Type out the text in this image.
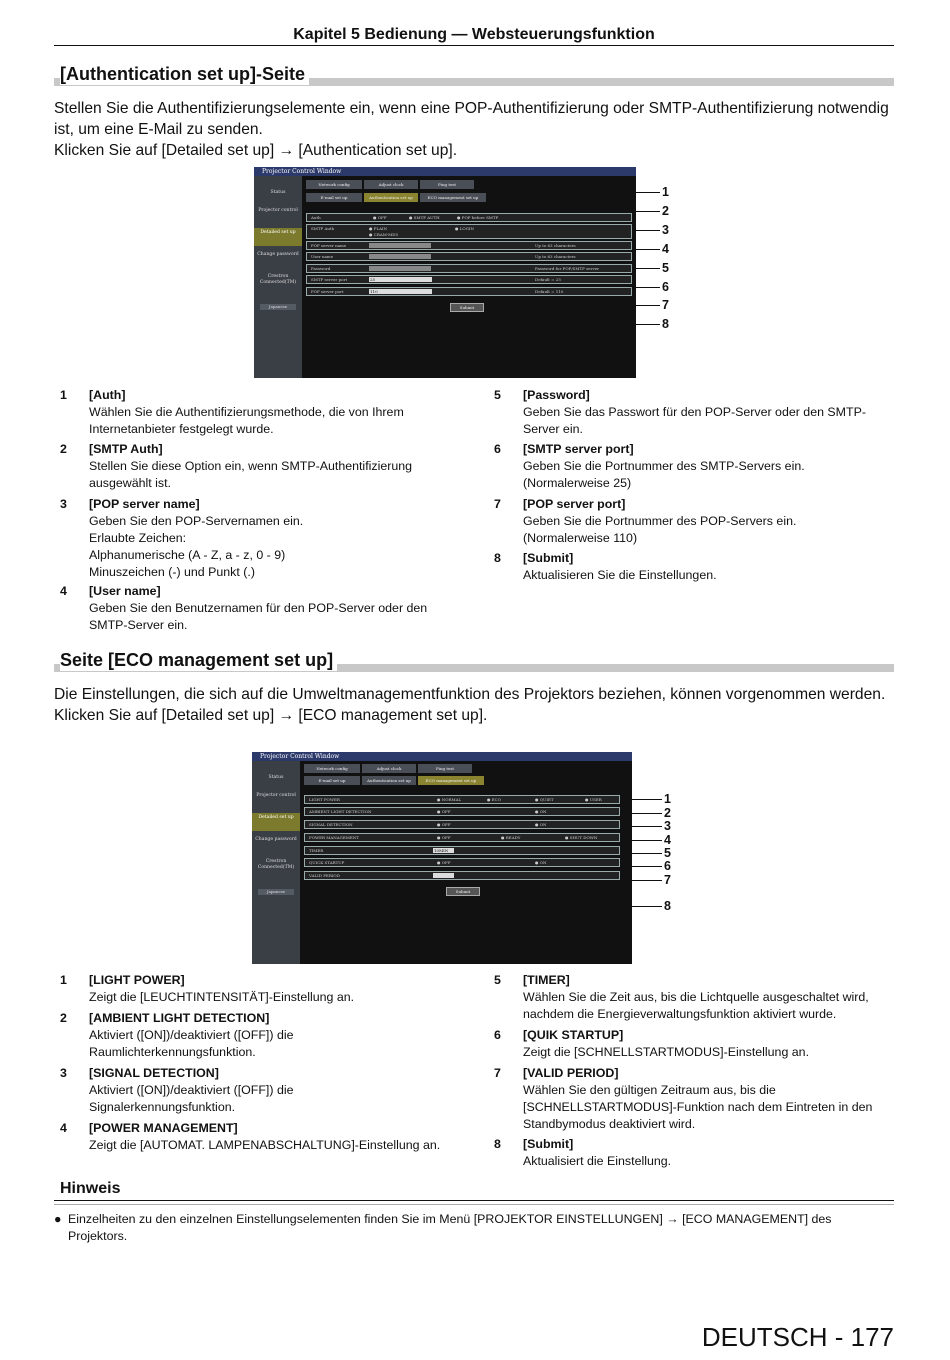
Kapitel 5 Bedienung — Websteuerungsfunktion
[Authentication set up]-Seite

Stellen Sie die Authentifizierungselemente ein, wenn eine POP-Authentifizierung oder SMTP-Authentifizierung notwendig ist, um eine E-Mail zu senden.

Klicken Sie auf [Detailed set up] → [Authentication set up].

Projector Control Window
Status
Projector control
Detailed set up
Change password
Crestron Connected(TM)
Japanese
Network config	Adjust clock	Ping test
E-mail set up	Authentication set up	ECO management set up
Auth	● OFF	● SMTP AUTH	● POP before SMTP
SMTP Auth	● PLAIN	● LOGIN
● CRAM-MD5
POP server name	Up to 63 characters
User name	Up to 63 characters
Password	Password for POP/SMTP server
SMTP server port	25	Default = 25
POP server port	110	Default = 110
Submit
1
2
3
4
5
6
7
8
1 [Auth]
Wählen Sie die Authentifizierungsmethode, die von Ihrem
Internetanbieter festgelegt wurde.
2 [SMTP Auth]
Stellen Sie diese Option ein, wenn SMTP-Authentifizierung
ausgewählt ist.
3 [POP server name]
Geben Sie den POP-Servernamen ein.
Erlaubte Zeichen:
Alphanumerische (A - Z, a - z, 0 - 9)
Minuszeichen (-) und Punkt (.)
4 [User name]
Geben Sie den Benutzernamen für den POP-Server oder den
SMTP-Server ein.
5 [Password]
Geben Sie das Passwort für den POP-Server oder den SMTP-
Server ein.
6 [SMTP server port]
Geben Sie die Portnummer des SMTP-Servers ein.
(Normalerweise 25)
7 [POP server port]
Geben Sie die Portnummer des POP-Servers ein.
(Normalerweise 110)
8 [Submit]
Aktualisieren Sie die Einstellungen.
Seite [ECO management set up]

Die Einstellungen, die sich auf die Umweltmanagementfunktion des Projektors beziehen, können vorgenommen werden.

Klicken Sie auf [Detailed set up] → [ECO management set up].

Projector Control Window
Status
Projector control
Detailed set up
Change password
Crestron Connected(TM)
Japanese
Network config	Adjust clock	Ping test
E-mail set up	Authentication set up	ECO management set up
LIGHT POWER	● NORMAL	● ECO	● QUIET	● USER
AMBIENT LIGHT DETECTION	● OFF	● ON
SIGNAL DETECTION	● OFF	● ON
POWER MANAGEMENT	● OFF	● READY	● SHUT DOWN
TIMER	10MIN
QUICK STARTUP	● OFF	● ON
VALID PERIOD
Submit
1
2
3
4
5
6
7
8
1 [LIGHT POWER]
Zeigt die [LEUCHTINTENSITÄT]-Einstellung an.
2 [AMBIENT LIGHT DETECTION]
Aktiviert ([ON])/deaktiviert ([OFF]) die
Raumlichterkennungsfunktion.
3 [SIGNAL DETECTION]
Aktiviert ([ON])/deaktiviert ([OFF]) die
Signalerkennungsfunktion.
4 [POWER MANAGEMENT]
Zeigt die [AUTOMAT. LAMPENABSCHALTUNG]-Einstellung an.
5 [TIMER]
Wählen Sie die Zeit aus, bis die Lichtquelle ausgeschaltet wird,
nachdem die Energieverwaltungsfunktion aktiviert wurde.
6 [QUIK STARTUP]
Zeigt die [SCHNELLSTARTMODUS]-Einstellung an.
7 [VALID PERIOD]
Wählen Sie den gültigen Zeitraum aus, bis die
[SCHNELLSTARTMODUS]-Funktion nach dem Eintreten in den
Standbymodus deaktiviert wird.
8 [Submit]
Aktualisiert die Einstellung.
Hinweis
● Einzelheiten zu den einzelnen Einstellungselementen finden Sie im Menü [PROJEKTOR EINSTELLUNGEN] → [ECO MANAGEMENT] des Projektors.
DEUTSCH - 177
